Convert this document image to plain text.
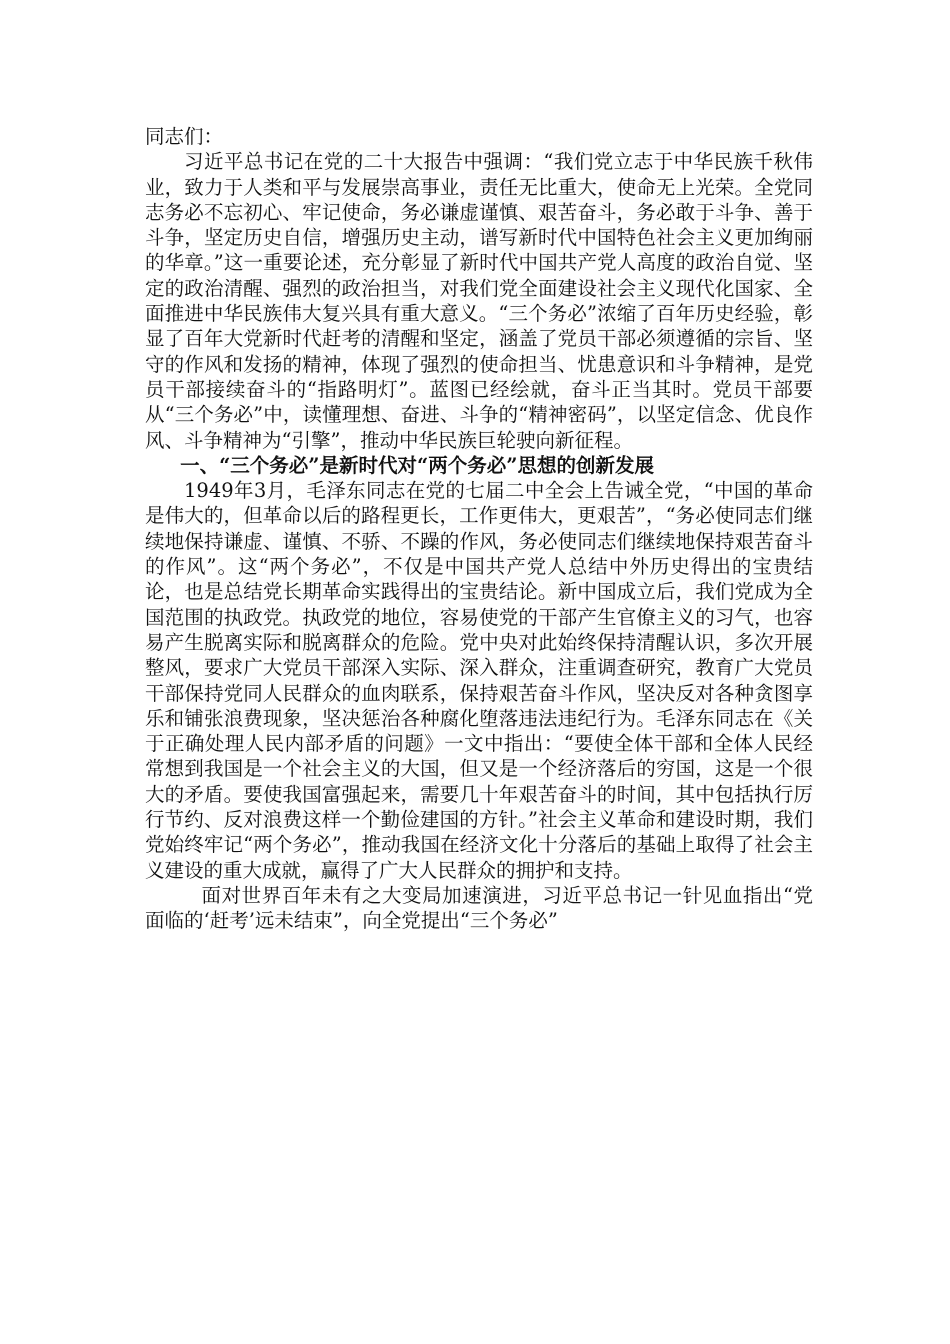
同志们：

习近平总书记在党的二十大报告中强调：“我们党立志于中华民族千秋伟业，致力于人类和平与发展崇高事业，责任无比重大，使命无上光荣。全党同志务必不忘初心、牢记使命，务必谦虚谨慎、艰苦奋斗，务必敢于斗争、善于斗争，坚定历史自信，增强历史主动，谱写新时代中国特色社会主义更加绚丽的华章。”这一重要论述，充分彰显了新时代中国共产党人高度的政治自觉、坚定的政治清醒、强烈的政治担当，对我们党全面建设社会主义现代化国家、全面推进中华民族伟大复兴具有重大意义。“三个务必”浓缩了百年历史经验，彰显了百年大党新时代赶考的清醒和坚定，涵盖了党员干部必须遵循的宗旨、坚守的作风和发扬的精神，体现了强烈的使命担当、忧患意识和斗争精神，是党员干部接续奋斗的“指路明灯”。蓝图已经绘就，奋斗正当其时。党员干部要从“三个务必”中，读懂理想、奋进、斗争的“精神密码”，以坚定信念、优良作风、斗争精神为“引擎”，推动中华民族巨轮驶向新征程。

一、“三个务必”是新时代对“两个务必”思想的创新发展

1949年3月，毛泽东同志在党的七届二中全会上告诫全党，“中国的革命是伟大的，但革命以后的路程更长，工作更伟大，更艰苦”，“务必使同志们继续地保持谦虚、谨慎、不骄、不躁的作风，务必使同志们继续地保持艰苦奋斗的作风”。这“两个务必”，不仅是中国共产党人总结中外历史得出的宝贵结论，也是总结党长期革命实践得出的宝贵结论。新中国成立后，我们党成为全国范围的执政党。执政党的地位，容易使党的干部产生官僚主义的习气，也容易产生脱离实际和脱离群众的危险。党中央对此始终保持清醒认识，多次开展整风，要求广大党员干部深入实际、深入群众，注重调查研究，教育广大党员干部保持党同人民群众的血肉联系，保持艰苦奋斗作风，坚决反对各种贪图享乐和铺张浪费现象，坚决惩治各种腐化堕落违法违纪行为。毛泽东同志在《关于正确处理人民内部矛盾的问题》一文中指出：“要使全体干部和全体人民经常想到我国是一个社会主义的大国，但又是一个经济落后的穷国，这是一个很大的矛盾。要使我国富强起来，需要几十年艰苦奋斗的时间，其中包括执行厉行节约、反对浪费这样一个勤俭建国的方针。”社会主义革命和建设时期，我们党始终牢记“两个务必”，推动我国在经济文化十分落后的基础上取得了社会主义建设的重大成就，赢得了广大人民群众的拥护和支持。

面对世界百年未有之大变局加速演进，习近平总书记一针见血指出“党面临的‘赶考’远未结束”，向全党提出“三个务必”
